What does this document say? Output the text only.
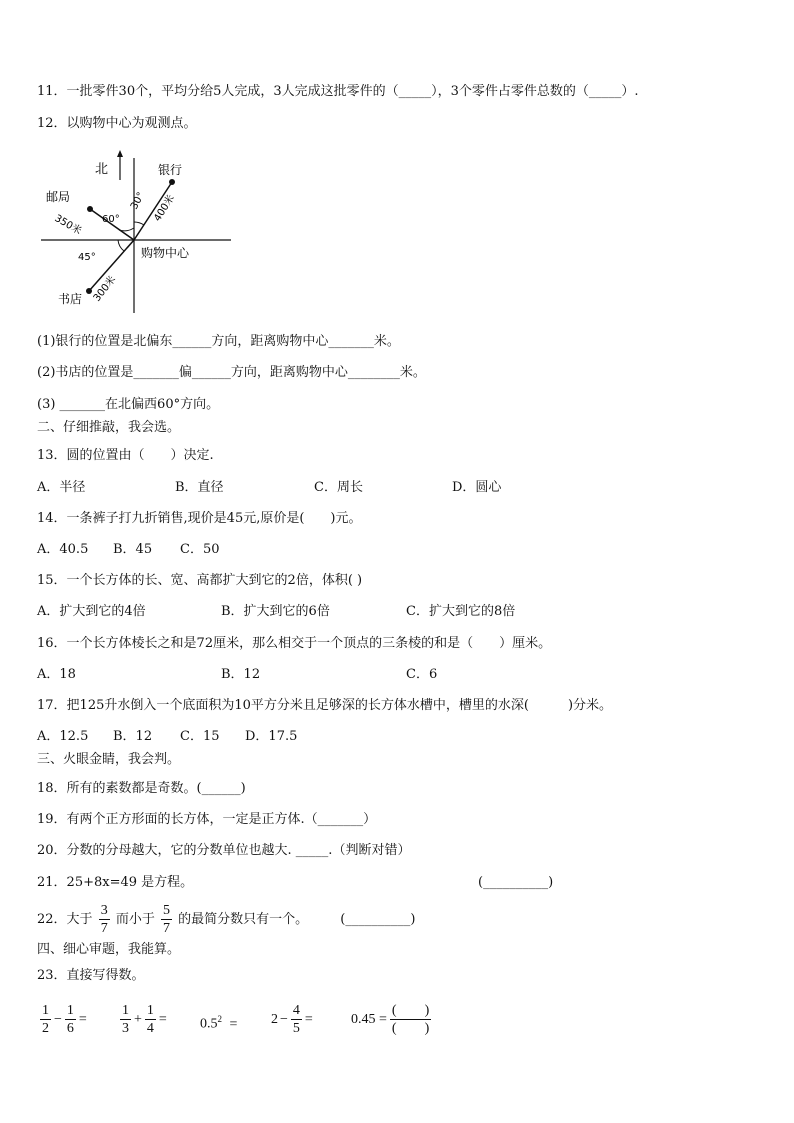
11．一批零件30个，平均分给5人完成，3人完成这批零件的（_____），3个零件占零件总数的（_____）.
12．以购物中心为观测点。
北	银行
邮局
购物中心
书店
30°
60°
45°
400米
350米
300米
(1)银行的位置是北偏东______方向，距离购物中心_______米。
(2)书店的位置是_______偏______方向，距离购物中心________米。
(3) _______在北偏西60°方向。
二、仔细推敲，我会选。
13．圆的位置由（　　）决定.
A．半径	B．直径	C．周长	D．圆心
14．一条裤子打九折销售,现价是45元,原价是(　　)元。
A．40.5 B．45 C．50
15．一个长方体的长、宽、高都扩大到它的2倍，体积( )
A．扩大到它的4倍	B．扩大到它的6倍	C．扩大到它的8倍
16．一个长方体棱长之和是72厘米，那么相交于一个顶点的三条棱的和是（　　）厘米。
A．18	B．12	C．6
17．把125升水倒入一个底面积为10平方分米且足够深的长方体水槽中，槽里的水深(　　　)分米。
A．12.5 B．12 C．15 D．17.5
三、火眼金睛，我会判。
18．所有的素数都是奇数。(______)
19．有两个正方形面的长方体，一定是正方体.（_______）
20．分数的分母越大，它的分数单位也越大. _____.（判断对错）
21．25+8x=49 是方程。	(__________)
22．大于 $\frac{3}{7}$ 而小于 $\frac{5}{7}$ 的最简分数只有一个。 (__________)
四、细心审题，我能算。
23．直接写得数。
$\frac{1}{2} - \frac{1}{6} = \frac{1}{3} + \frac{1}{4} = 0.5^2 = 2 - \frac{4}{5}$ =	$0.45 = \frac{( )}{( )}$
